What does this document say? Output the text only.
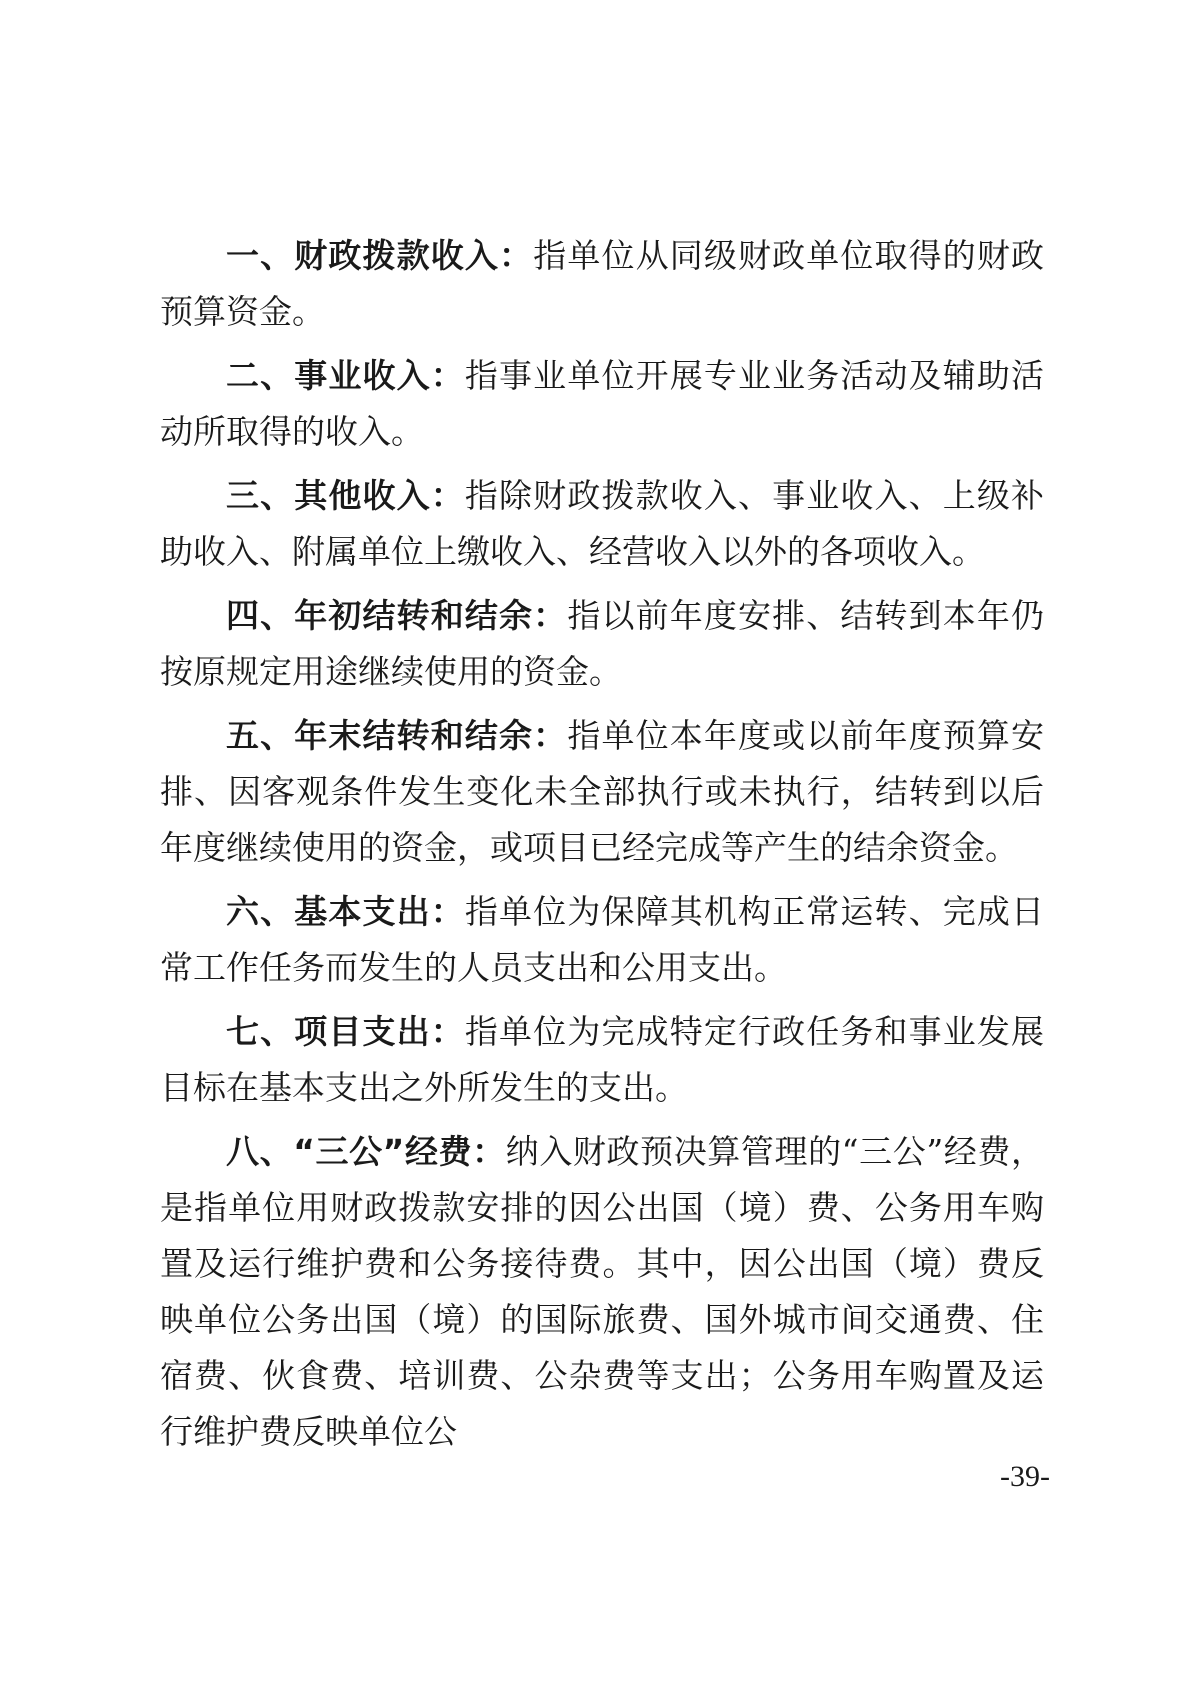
一、财政拨款收入：指单位从同级财政单位取得的财政预算资金。

二、事业收入：指事业单位开展专业业务活动及辅助活动所取得的收入。

三、其他收入：指除财政拨款收入、事业收入、上级补助收入、附属单位上缴收入、经营收入以外的各项收入。

四、年初结转和结余：指以前年度安排、结转到本年仍按原规定用途继续使用的资金。

五、年末结转和结余：指单位本年度或以前年度预算安排、因客观条件发生变化未全部执行或未执行，结转到以后年度继续使用的资金，或项目已经完成等产生的结余资金。

六、基本支出：指单位为保障其机构正常运转、完成日常工作任务而发生的人员支出和公用支出。

七、项目支出：指单位为完成特定行政任务和事业发展目标在基本支出之外所发生的支出。

八、“三公”经费：纳入财政预决算管理的“三公”经费，是指单位用财政拨款安排的因公出国（境）费、公务用车购置及运行维护费和公务接待费。其中，因公出国（境）费反映单位公务出国（境）的国际旅费、国外城市间交通费、住宿费、伙食费、培训费、公杂费等支出；公务用车购置及运行维护费反映单位公

-39-
